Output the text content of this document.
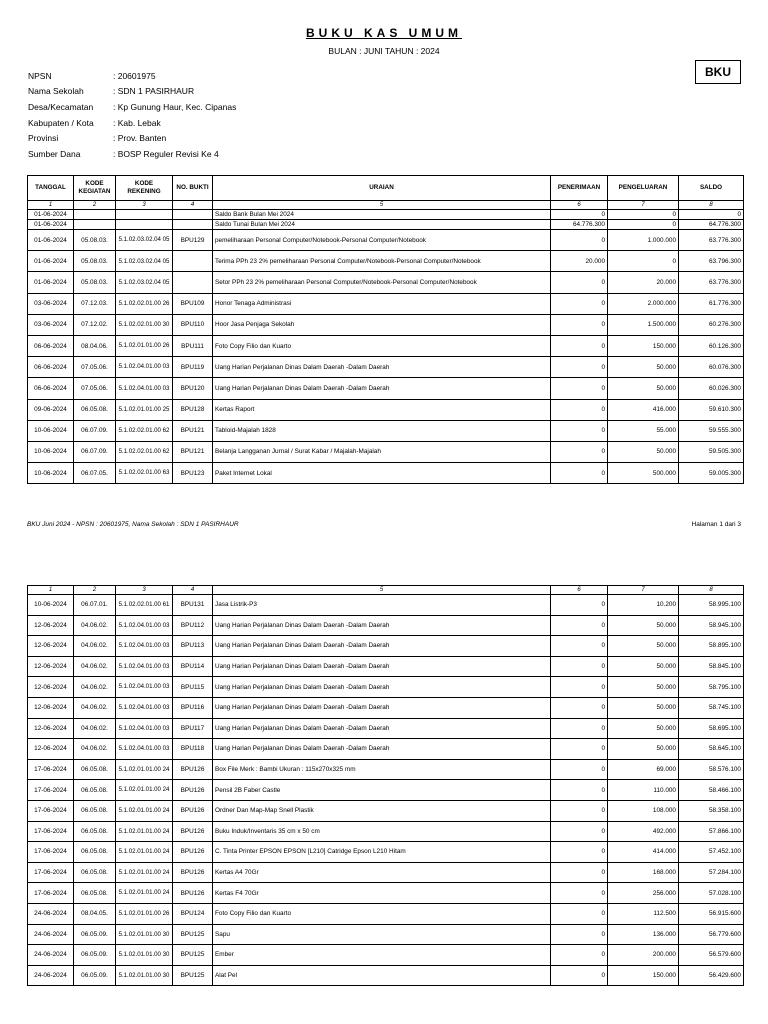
BUKU KAS UMUM
BULAN : JUNI TAHUN : 2024
BKU
NPSN	: 20601975
Nama Sekolah	: SDN 1 PASIRHAUR
Desa/Kecamatan	: Kp Gunung Haur, Kec. Cipanas
Kabupaten / Kota	: Kab. Lebak
Provinsi	: Prov. Banten
Sumber Dana	: BOSP Reguler Revisi Ke 4
TANGGAL	KODE KEGIATAN	KODE REKENING	NO. BUKTI	URAIAN	PENERIMAAN	PENGELUARAN	SALDO
1	2	3	4	5	6	7	8
01-06-2024				Saldo Bank Bulan Mei 2024	0	0	0
01-06-2024				Saldo Tunai Bulan Mei 2024	64.776.300	0	64.776.300
01-06-2024	05.08.03.	5.1.02.03.02.04 05	BPU129	pemeliharaan Personal Computer/Notebook-Personal Computer/Notebook	0	1.000.000	63.776.300
01-06-2024	05.08.03.	5.1.02.03.02.04 05		Terima PPh 23 2% pemeliharaan Personal Computer/Notebook-Personal Computer/Notebook	20.000	0	63.796.300
01-06-2024	05.08.03.	5.1.02.03.02.04 05		Setor PPh 23 2% pemeliharaan Personal Computer/Notebook-Personal Computer/Notebook	0	20.000	63.776.300
03-06-2024	07.12.03.	5.1.02.02.01.00 26	BPU109	Honor Tenaga Administrasi	0	2.000.000	61.776.300
03-06-2024	07.12.02.	5.1.02.02.01.00 30	BPU110	Hoor Jasa Penjaga Sekolah	0	1.500.000	60.276.300
06-06-2024	08.04.06.	5.1.02.01.01.00 26	BPU111	Foto Copy Filio dan Kuarto	0	150.000	60.126.300
06-06-2024	07.05.06.	5.1.02.04.01.00 03	BPU119	Uang Harian Perjalanan Dinas Dalam Daerah -Dalam Daerah	0	50.000	60.076.300
06-06-2024	07.05.06.	5.1.02.04.01.00 03	BPU120	Uang Harian Perjalanan Dinas Dalam Daerah -Dalam Daerah	0	50.000	60.026.300
09-06-2024	06.05.08.	5.1.02.01.01.00 25	BPU128	Kertas Raport	0	416.000	59.610.300
10-06-2024	06.07.09.	5.1.02.02.01.00 62	BPU121	Tabloid-Majalah 1828	0	55.000	59.555.300
10-06-2024	06.07.09.	5.1.02.02.01.00 62	BPU121	Belanja Langganan Jurnal / Surat Kabar / Majalah-Majalah	0	50.000	59.505.300
10-06-2024	06.07.05.	5.1.02.02.01.00 63	BPU123	Paket Internet Lokal	0	500.000	59.005.300
BKU Juni 2024 - NPSN : 20601975, Nama Sekolah : SDN 1 PASIRHAUR	Halaman 1 dari 3
1	2	3	4	5	6	7	8
10-06-2024	06.07.01.	5.1.02.02.01.00 61	BPU131	Jasa Listrik-P3	0	10.200	58.995.100
12-06-2024	04.06.02.	5.1.02.04.01.00 03	BPU112	Uang Harian Perjalanan Dinas Dalam Daerah -Dalam Daerah	0	50.000	58.945.100
12-06-2024	04.06.02.	5.1.02.04.01.00 03	BPU113	Uang Harian Perjalanan Dinas Dalam Daerah -Dalam Daerah	0	50.000	58.895.100
12-06-2024	04.06.02.	5.1.02.04.01.00 03	BPU114	Uang Harian Perjalanan Dinas Dalam Daerah -Dalam Daerah	0	50.000	58.845.100
12-06-2024	04.06.02.	5.1.02.04.01.00 03	BPU115	Uang Harian Perjalanan Dinas Dalam Daerah -Dalam Daerah	0	50.000	58.795.100
12-06-2024	04.06.02.	5.1.02.04.01.00 03	BPU116	Uang Harian Perjalanan Dinas Dalam Daerah -Dalam Daerah	0	50.000	58.745.100
12-06-2024	04.06.02.	5.1.02.04.01.00 03	BPU117	Uang Harian Perjalanan Dinas Dalam Daerah -Dalam Daerah	0	50.000	58.695.100
12-06-2024	04.06.02.	5.1.02.04.01.00 03	BPU118	Uang Harian Perjalanan Dinas Dalam Daerah -Dalam Daerah	0	50.000	58.645.100
17-06-2024	06.05.08.	5.1.02.01.01.00 24	BPU126	Box File Merk : Bambi Ukuran : 115x270x325 mm	0	69.000	58.576.100
17-06-2024	06.05.08.	5.1.02.01.01.00 24	BPU126	Pensil 2B Faber Castle	0	110.000	58.466.100
17-06-2024	06.05.08.	5.1.02.01.01.00 24	BPU126	Ordner Dan Map-Map Snell Plastik	0	108.000	58.358.100
17-06-2024	06.05.08.	5.1.02.01.01.00 24	BPU126	Buku Induk/Inventaris 35 cm x 50 cm	0	492.000	57.866.100
17-06-2024	06.05.08.	5.1.02.01.01.00 24	BPU126	C. Tinta Printer EPSON EPSON [L210] Catridge Epson L210 Hitam	0	414.000	57.452.100
17-06-2024	06.05.08.	5.1.02.01.01.00 24	BPU126	Kertas A4 70Gr	0	168.000	57.284.100
17-06-2024	06.05.08.	5.1.02.01.01.00 24	BPU126	Kertas F4 70Gr	0	256.000	57.028.100
24-06-2024	08.04.05.	5.1.02.01.01.00 26	BPU124	Foto Copy Filio dan Kuarto	0	112.500	56.915.600
24-06-2024	06.05.09.	5.1.02.01.01.00 30	BPU125	Sapu	0	136.000	56.779.600
24-06-2024	06.05.09.	5.1.02.01.01.00 30	BPU125	Ember	0	200.000	56.579.600
24-06-2024	06.05.09.	5.1.02.01.01.00 30	BPU125	Alat Pel	0	150.000	56.429.600
